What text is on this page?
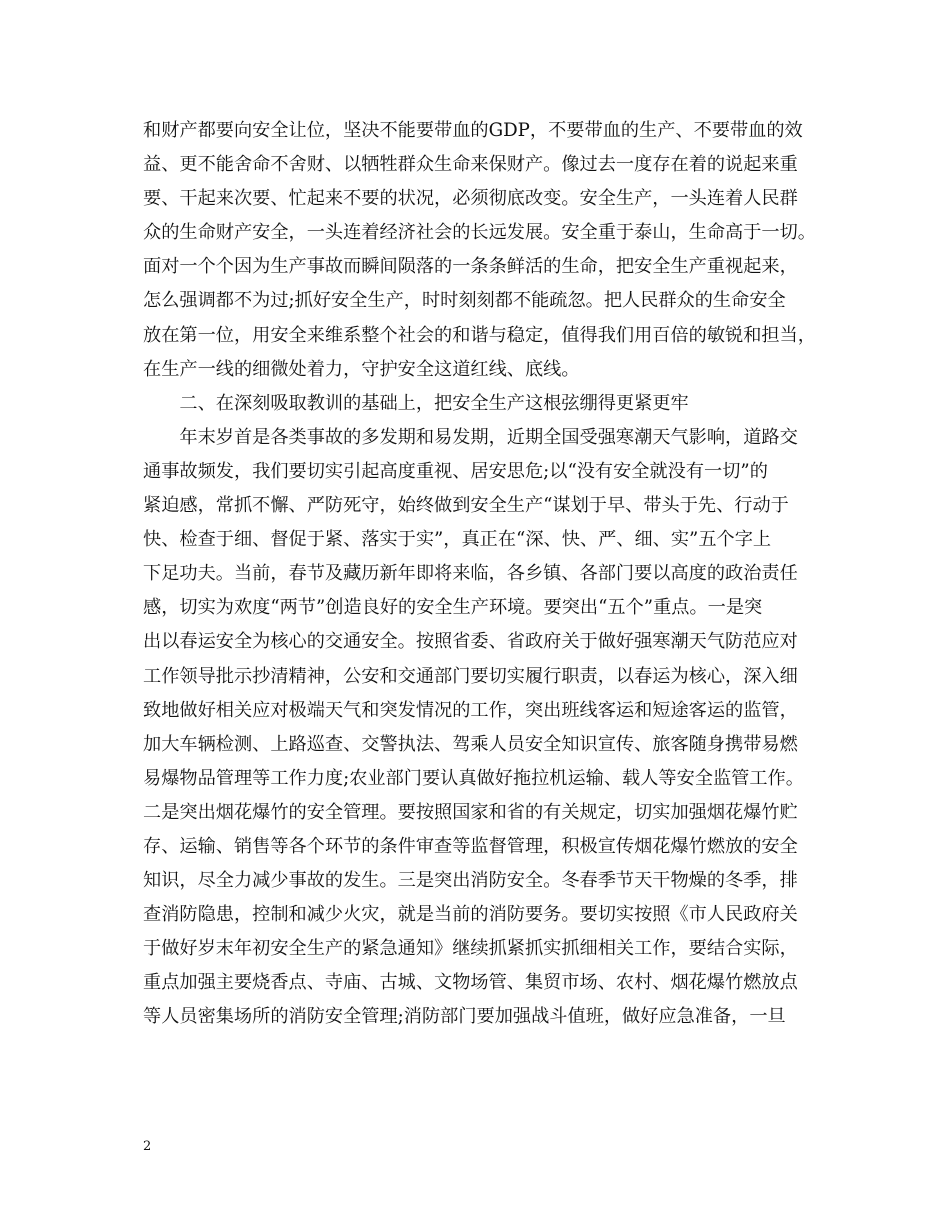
和财产都要向安全让位，坚决不能要带血的GDP，不要带血的生产、不要带血的效
益、更不能舍命不舍财、以牺牲群众生命来保财产。像过去一度存在着的说起来重
要、干起来次要、忙起来不要的状况，必须彻底改变。安全生产，一头连着人民群
众的生命财产安全，一头连着经济社会的长远发展。安全重于泰山，生命高于一切。
面对一个个因为生产事故而瞬间陨落的一条条鲜活的生命，把安全生产重视起来，
怎么强调都不为过;抓好安全生产，时时刻刻都不能疏忽。把人民群众的生命安全
放在第一位，用安全来维系整个社会的和谐与稳定，值得我们用百倍的敏锐和担当，
在生产一线的细微处着力，守护安全这道红线、底线。
　　二、在深刻吸取教训的基础上，把安全生产这根弦绷得更紧更牢
　　年末岁首是各类事故的多发期和易发期，近期全国受强寒潮天气影响，道路交
通事故频发，我们要切实引起高度重视、居安思危;以“没有安全就没有一切”的
紧迫感，常抓不懈、严防死守，始终做到安全生产“谋划于早、带头于先、行动于
快、检查于细、督促于紧、落实于实”，真正在“深、快、严、细、实”五个字上
下足功夫。当前，春节及藏历新年即将来临，各乡镇、各部门要以高度的政治责任
感，切实为欢度“两节”创造良好的安全生产环境。要突出“五个”重点。一是突
出以春运安全为核心的交通安全。按照省委、省政府关于做好强寒潮天气防范应对
工作领导批示抄清精神，公安和交通部门要切实履行职责，以春运为核心，深入细
致地做好相关应对极端天气和突发情况的工作，突出班线客运和短途客运的监管，
加大车辆检测、上路巡查、交警执法、驾乘人员安全知识宣传、旅客随身携带易燃
易爆物品管理等工作力度;农业部门要认真做好拖拉机运输、载人等安全监管工作。
二是突出烟花爆竹的安全管理。要按照国家和省的有关规定，切实加强烟花爆竹贮
存、运输、销售等各个环节的条件审查等监督管理，积极宣传烟花爆竹燃放的安全
知识，尽全力减少事故的发生。三是突出消防安全。冬春季节天干物燥的冬季，排
查消防隐患，控制和减少火灾，就是当前的消防要务。要切实按照《市人民政府关
于做好岁末年初安全生产的紧急通知》继续抓紧抓实抓细相关工作，要结合实际，
重点加强主要烧香点、寺庙、古城、文物场管、集贸市场、农村、烟花爆竹燃放点
等人员密集场所的消防安全管理;消防部门要加强战斗值班，做好应急准备，一旦
2
